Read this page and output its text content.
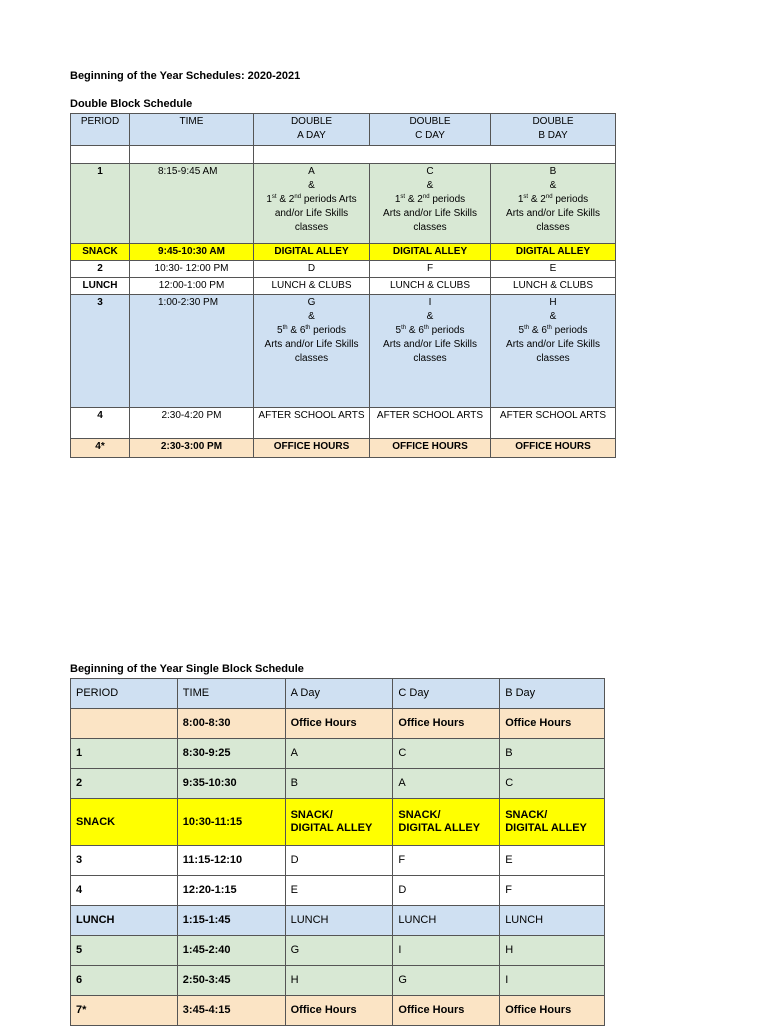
Beginning of the Year Schedules: 2020-2021
Double Block Schedule
PERIOD	TIME	DOUBLE
A DAY	DOUBLE
C DAY	DOUBLE
B DAY

1	8:15-9:45 AM	A
&
1st & 2nd periods Arts
and/or Life Skills
classes	C
&
1st & 2nd periods
Arts and/or Life Skills
classes	B
&
1st & 2nd periods
Arts and/or Life Skills
classes
SNACK	9:45-10:30 AM	DIGITAL ALLEY	DIGITAL ALLEY	DIGITAL ALLEY
2	10:30- 12:00 PM	D	F	E
LUNCH	12:00-1:00 PM	LUNCH & CLUBS	LUNCH & CLUBS	LUNCH & CLUBS
3	1:00-2:30 PM	G
&
5th & 6th periods
Arts and/or Life Skills
classes	I
&
5th & 6th periods
Arts and/or Life Skills
classes	H
&
5th & 6th periods
Arts and/or Life Skills
classes
4	2:30-4:20 PM	AFTER SCHOOL ARTS	AFTER SCHOOL ARTS	AFTER SCHOOL ARTS
4*	2:30-3:00 PM	OFFICE HOURS	OFFICE HOURS	OFFICE HOURS
Beginning of the Year Single Block Schedule
PERIOD	TIME	A Day	C Day	B Day
	8:00-8:30	Office Hours	Office Hours	Office Hours
1	8:30-9:25	A	C	B
2	9:35-10:30	B	A	C
SNACK	10:30-11:15	SNACK/
DIGITAL ALLEY	SNACK/
DIGITAL ALLEY	SNACK/
DIGITAL ALLEY
3	11:15-12:10	D	F	E
4	12:20-1:15	E	D	F
LUNCH	1:15-1:45	LUNCH	LUNCH	LUNCH
5	1:45-2:40	G	I	H
6	2:50-3:45	H	G	I
7*	3:45-4:15	Office Hours	Office Hours	Office Hours
